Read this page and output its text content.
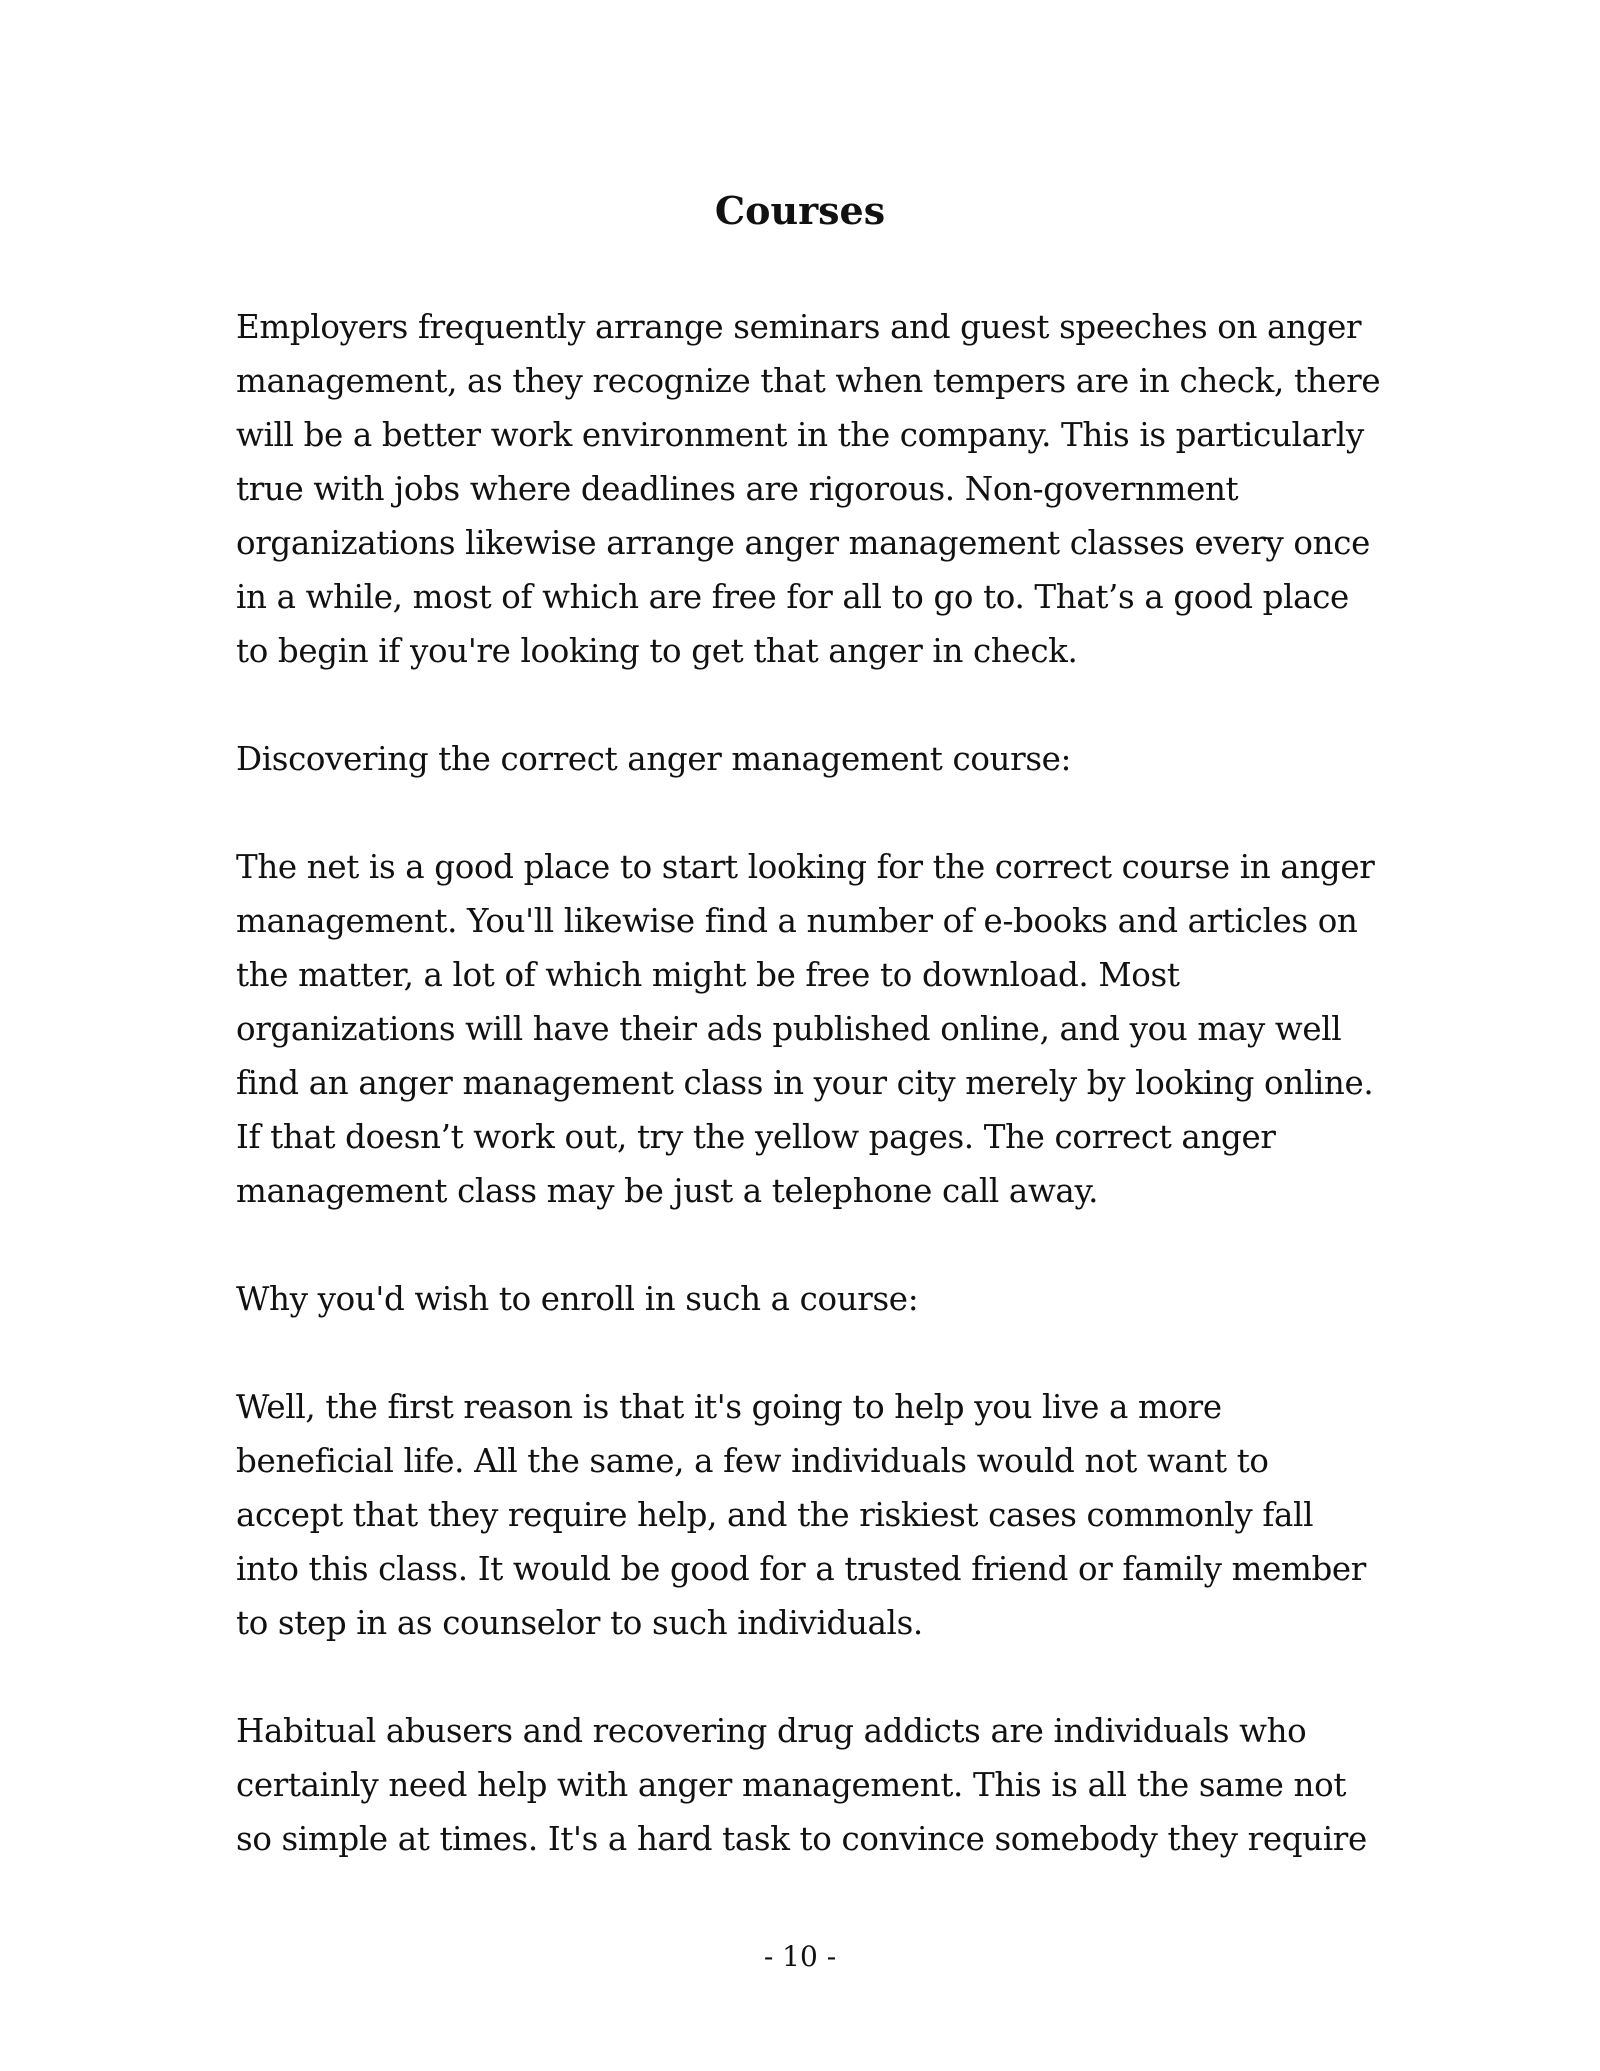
Courses

Employers frequently arrange seminars and guest speeches on anger
management, as they recognize that when tempers are in check, there
will be a better work environment in the company. This is particularly
true with jobs where deadlines are rigorous. Non-government
organizations likewise arrange anger management classes every once
in a while, most of which are free for all to go to. That’s a good place
to begin if you're looking to get that anger in check.

Discovering the correct anger management course:

The net is a good place to start looking for the correct course in anger
management. You'll likewise find a number of e-books and articles on
the matter, a lot of which might be free to download. Most
organizations will have their ads published online, and you may well
find an anger management class in your city merely by looking online.
If that doesn’t work out, try the yellow pages. The correct anger
management class may be just a telephone call away.

Why you'd wish to enroll in such a course:

Well, the first reason is that it's going to help you live a more
beneficial life. All the same, a few individuals would not want to
accept that they require help, and the riskiest cases commonly fall
into this class. It would be good for a trusted friend or family member
to step in as counselor to such individuals.

Habitual abusers and recovering drug addicts are individuals who
certainly need help with anger management. This is all the same not
so simple at times. It's a hard task to convince somebody they require

- 10 -
